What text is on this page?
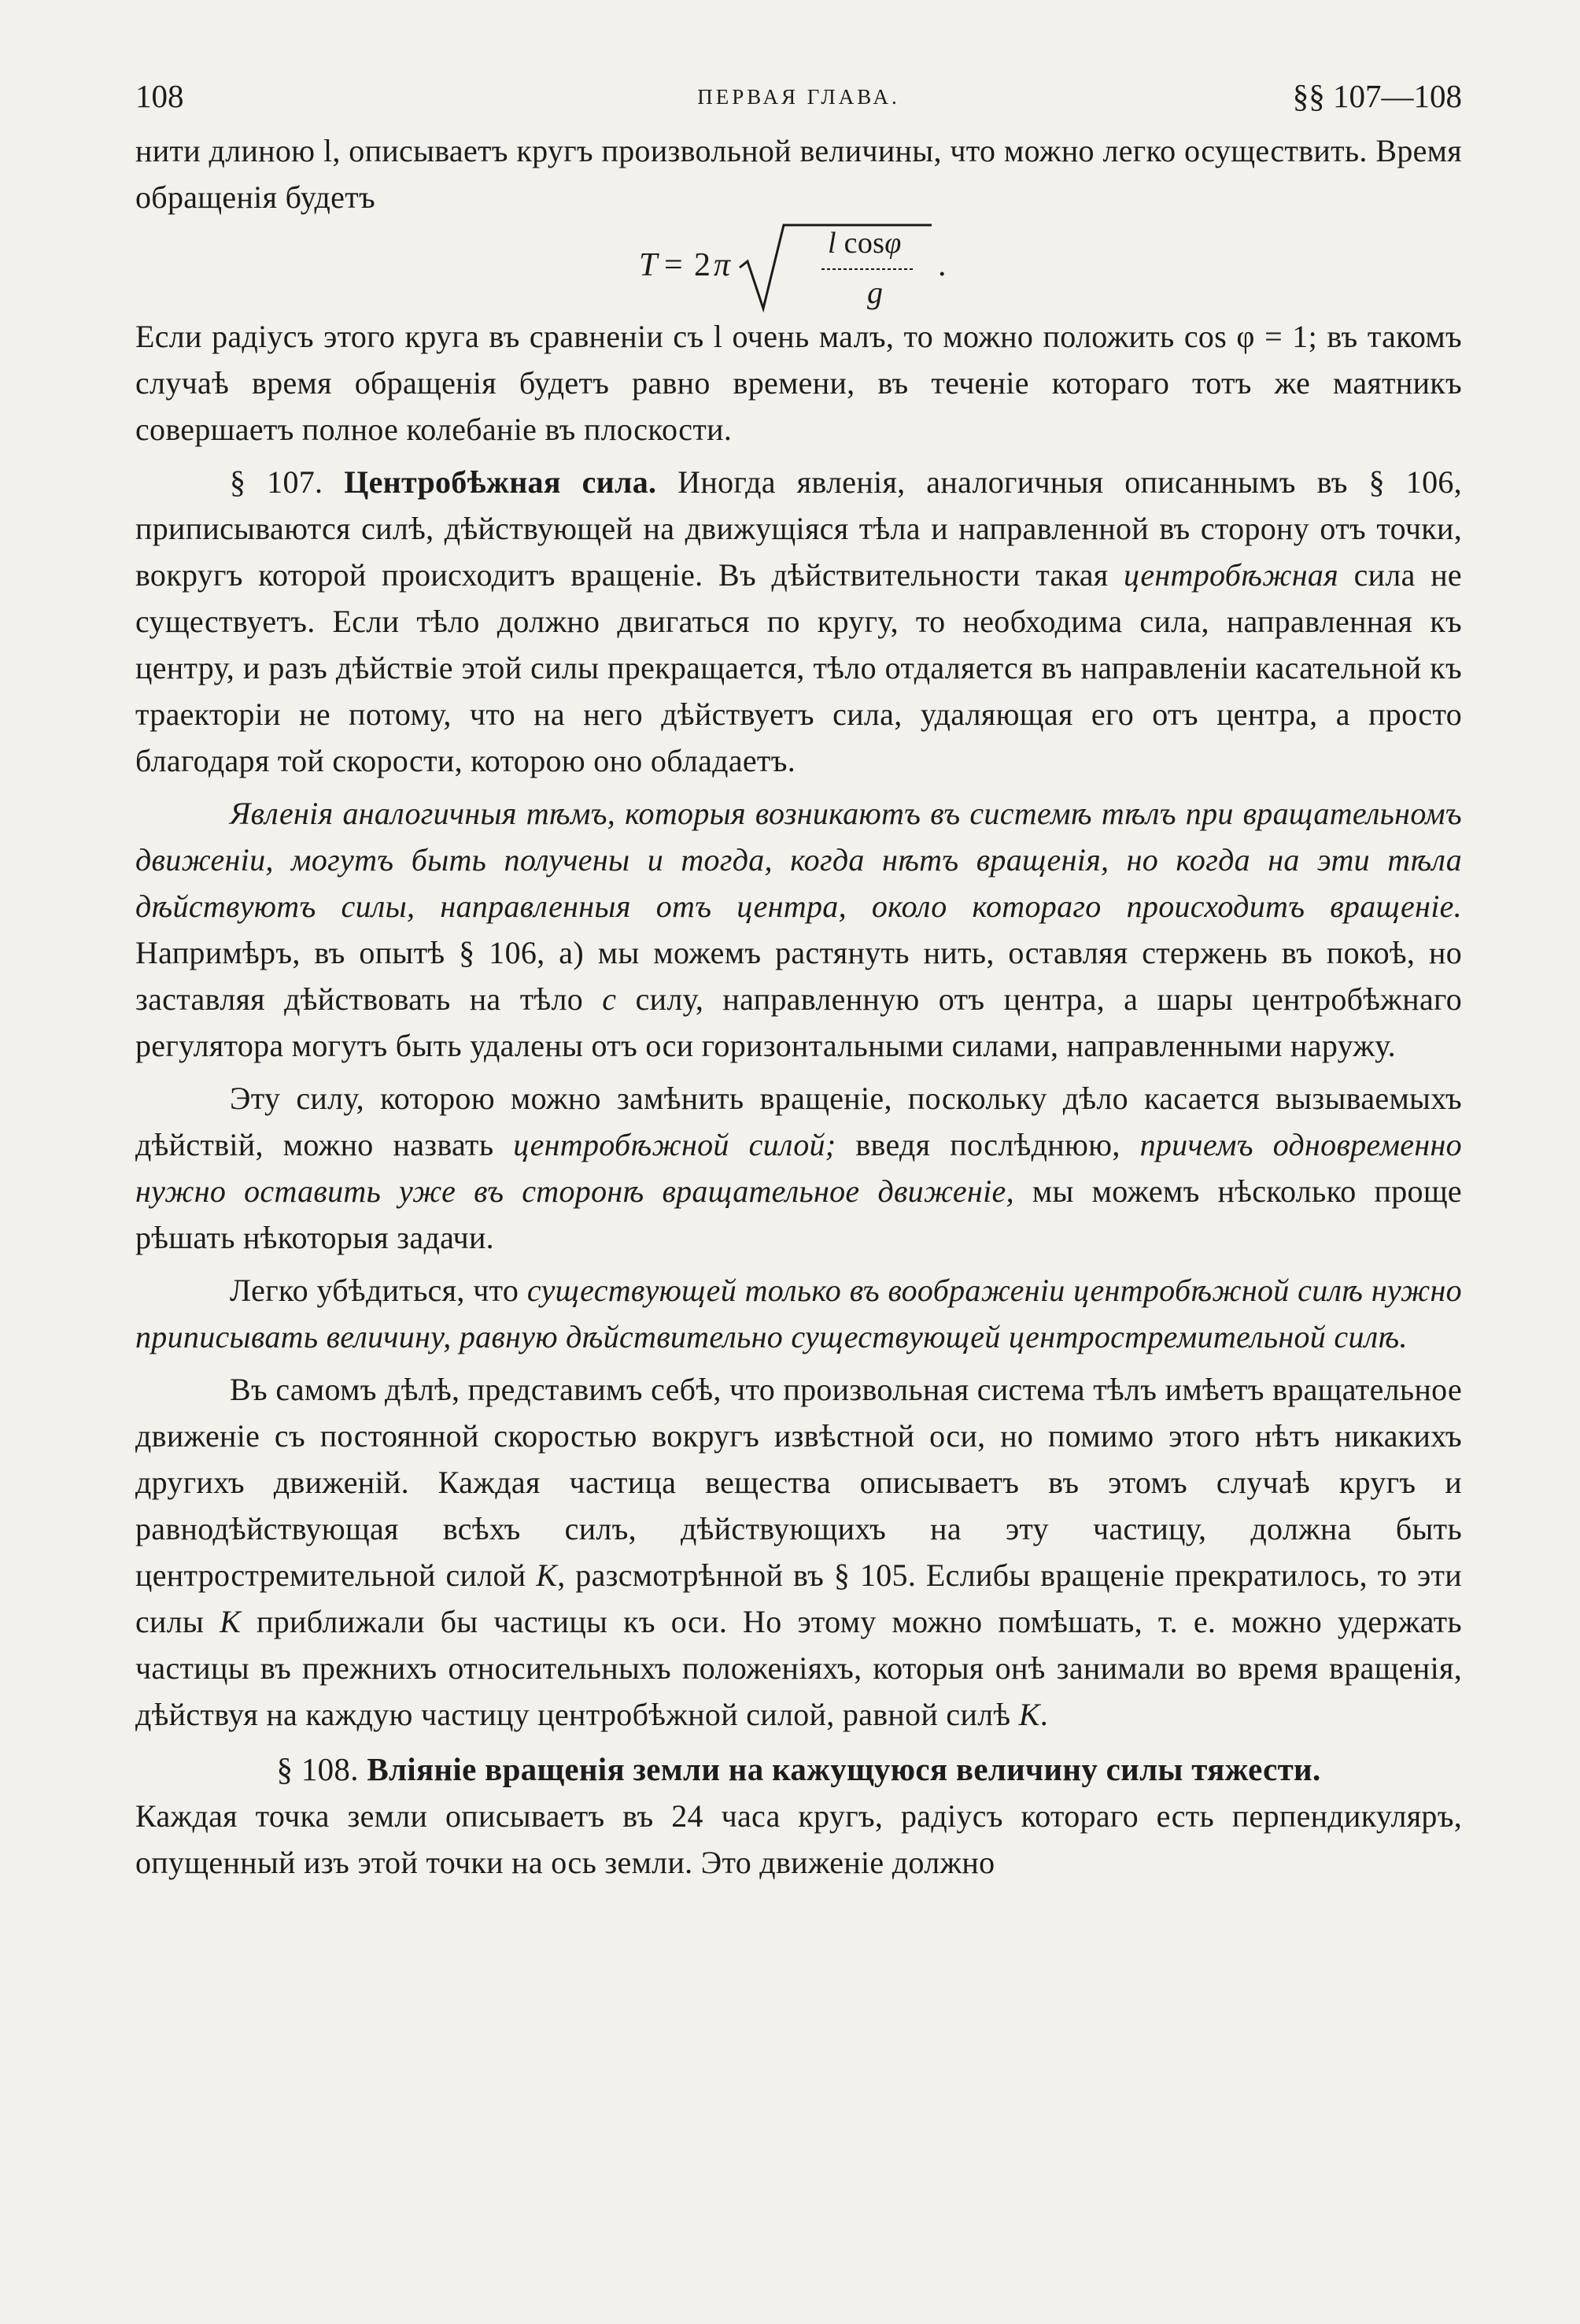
108	ПЕРВАЯ ГЛАВА.	§§ 107—108

нити длиною l, описываетъ кругъ произвольной величины, что можно легко осуществить. Время обращенія будетъ

T = 2 π
l cosφ
g
.

Если радіусъ этого круга въ сравненіи съ l очень малъ, то можно положить cos φ = 1; въ такомъ случаѣ время обращенія будетъ равно времени, въ теченіе котораго тотъ же маятникъ совершаетъ полное колебаніе въ плоскости.

§ 107. Центробѣжная сила. Иногда явленія, аналогичныя описаннымъ въ § 106, приписываются силѣ, дѣйствующей на движущіяся тѣла и направленной въ сторону отъ точки, вокругъ которой происходитъ вращеніе. Въ дѣйствительности такая центробѣжная сила не существуетъ. Если тѣло должно двигаться по кругу, то необходима сила, направленная къ центру, и разъ дѣйствіе этой силы прекращается, тѣло отдаляется въ направленіи касательной къ траекторіи не потому, что на него дѣйствуетъ сила, удаляющая его отъ центра, а просто благодаря той скорости, которою оно обладаетъ.

Явленія аналогичныя тѣмъ, которыя возникаютъ въ системѣ тѣлъ при вращательномъ движеніи, могутъ быть получены и тогда, когда нѣтъ вращенія, но когда на эти тѣла дѣйствуютъ силы, направленныя отъ центра, около котораго происходитъ вращеніе. Напримѣръ, въ опытѣ § 106, a) мы можемъ растянуть нить, оставляя стержень въ покоѣ, но заставляя дѣйствовать на тѣло c силу, направленную отъ центра, а шары центробѣжнаго регулятора могутъ быть удалены отъ оси горизонтальными силами, направленными наружу.

Эту силу, которою можно замѣнить вращеніе, поскольку дѣло касается вызываемыхъ дѣйствій, можно назвать центробѣжной силой; введя послѣднюю, причемъ одновременно нужно оставить уже въ сторонѣ вращательное движеніе, мы можемъ нѣсколько проще рѣшать нѣкоторыя задачи.

Легко убѣдиться, что существующей только въ воображеніи центробѣжной силѣ нужно приписывать величину, равную дѣйствительно существующей центростремительной силѣ.

Въ самомъ дѣлѣ, представимъ себѣ, что произвольная система тѣлъ имѣетъ вращательное движеніе съ постоянной скоростью вокругъ извѣстной оси, но помимо этого нѣтъ никакихъ другихъ движеній. Каждая частица вещества описываетъ въ этомъ случаѣ кругъ и равнодѣйствующая всѣхъ силъ, дѣйствующихъ на эту частицу, должна быть центростремительной силой K, разсмотрѣнной въ § 105. Еслибы вращеніе прекратилось, то эти силы K приближали бы частицы къ оси. Но этому можно помѣшать, т. е. можно удержать частицы въ прежнихъ относительныхъ положеніяхъ, которыя онѣ занимали во время вращенія, дѣйствуя на каждую частицу центробѣжной силой, равной силѣ K.

§ 108. Вліяніе вращенія земли на кажущуюся величину силы тяжести.

Каждая точка земли описываетъ въ 24 часа кругъ, радіусъ котораго есть перпендикуляръ, опущенный изъ этой точки на ось земли. Это движеніе должно
